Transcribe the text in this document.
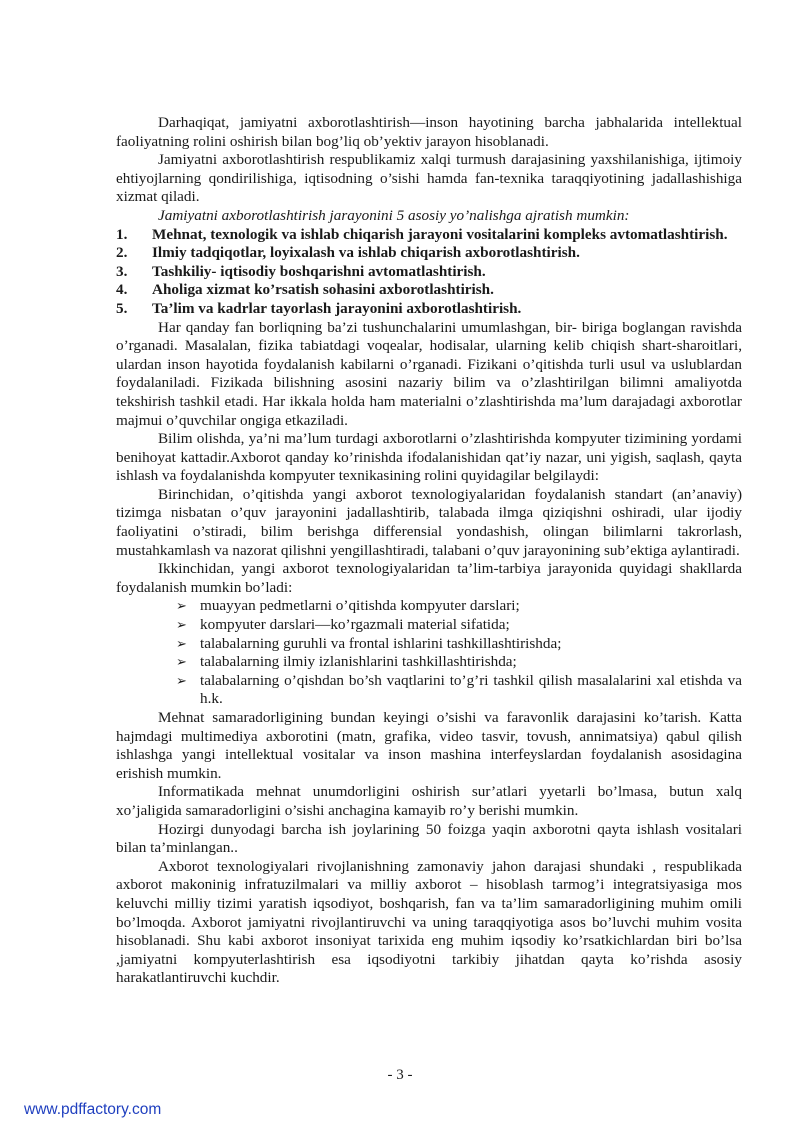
Darhaqiqat, jamiyatni axborotlashtirish—inson hayotining barcha jabhalarida intellektual faoliyatning rolini oshirish bilan bog’liq ob’yektiv jarayon hisoblanadi.

Jamiyatni axborotlashtirish respublikamiz xalqi turmush darajasining yaxshilanishiga, ijtimoiy ehtiyojlarning qondirilishiga, iqtisodning o’sishi hamda fan-texnika taraqqiyotining jadallashishiga xizmat qiladi.

Jamiyatni axborotlashtirish jarayonini 5 asosiy yo’nalishga ajratish mumkin:

1. Mehnat, texnologik va ishlab chiqarish jarayoni vositalarini kompleks avtomatlashtirish.
2. Ilmiy tadqiqotlar, loyixalash va ishlab chiqarish axborotlashtirish.
3. Tashkiliy- iqtisodiy boshqarishni avtomatlashtirish.
4. Aholiga xizmat ko’rsatish sohasini axborotlashtirish.
5. Ta’lim va kadrlar tayorlash jarayonini axborotlashtirish.

Har qanday fan borliqning ba’zi tushunchalarini umumlashgan, bir- biriga boglangan ravishda o’rganadi. Masalalan, fizika tabiatdagi voqealar, hodisalar, ularning kelib chiqish shart-sharoitlari, ulardan inson hayotida foydalanish kabilarni o’rganadi. Fizikani o’qitishda turli usul va uslublardan foydalaniladi. Fizikada bilishning asosini nazariy bilim va o’zlashtirilgan bilimni amaliyotda tekshirish tashkil etadi. Har ikkala holda ham materialni o’zlashtirishda ma’lum darajadagi axborotlar majmui o’quvchilar ongiga etkaziladi.

Bilim olishda, ya’ni ma’lum turdagi axborotlarni o’zlashtirishda kompyuter tizimining yordami benihoyat kattadir.Axborot qanday ko’rinishda ifodalanishidan qat’iy nazar, uni yigish, saqlash, qayta ishlash va foydalanishda kompyuter texnikasining rolini quyidagilar belgilaydi:

Birinchidan, o’qitishda yangi axborot texnologiyalaridan foydalanish standart (an’anaviy) tizimga nisbatan o’quv jarayonini jadallashtirib, talabada ilmga qiziqishni oshiradi, ular ijodiy faoliyatini o’stiradi, bilim berishga differensial yondashish, olingan bilimlarni takrorlash, mustahkamlash va nazorat qilishni yengillashtiradi, talabani o’quv jarayonining sub’ektiga aylantiradi.

Ikkinchidan, yangi axborot texnologiyalaridan ta’lim-tarbiya jarayonida quyidagi shakllarda foydalanish mumkin bo’ladi:

➢ muayyan pedmetlarni o’qitishda kompyuter darslari;
➢ kompyuter darslari—ko’rgazmali material sifatida;
➢ talabalarning guruhli va frontal ishlarini tashkillashtirishda;
➢ talabalarning ilmiy izlanishlarini tashkillashtirishda;
➢ talabalarning o’qishdan bo’sh vaqtlarini to’g’ri tashkil qilish masalalarini xal etishda va h.k.

Mehnat samaradorligining bundan keyingi o’sishi va faravonlik darajasini ko’tarish. Katta hajmdagi multimediya axborotini (matn, grafika, video tasvir, tovush, annimatsiya) qabul qilish ishlashga yangi intellektual vositalar va inson mashina interfeyslardan foydalanish asosidagina erishish mumkin.

Informatikada mehnat unumdorligini oshirish sur’atlari yyetarli bo’lmasa, butun xalq xo’jaligida samaradorligini o’sishi anchagina kamayib ro’y berishi mumkin.

Hozirgi dunyodagi barcha ish joylarining 50 foizga yaqin axborotni qayta ishlash vositalari bilan ta’minlangan..

Axborot texnologiyalari rivojlanishning zamonaviy jahon darajasi shundaki , respublikada axborot makoninig infratuzilmalari va milliy axborot – hisoblash tarmog’i integratsiyasiga mos keluvchi milliy tizimi yaratish iqsodiyot, boshqarish, fan va ta’lim samaradorligining muhim omili bo’lmoqda. Axborot jamiyatni rivojlantiruvchi va uning taraqqiyotiga asos bo’luvchi muhim vosita hisoblanadi. Shu kabi axborot insoniyat tarixida eng muhim iqsodiy ko’rsatkichlardan biri bo’lsa ,jamiyatni kompyuterlashtirish esa iqsodiyotni tarkibiy jihatdan qayta ko’rishda asosiy harakatlantiruvchi kuchdir.

- 3 -
www.pdffactory.com
